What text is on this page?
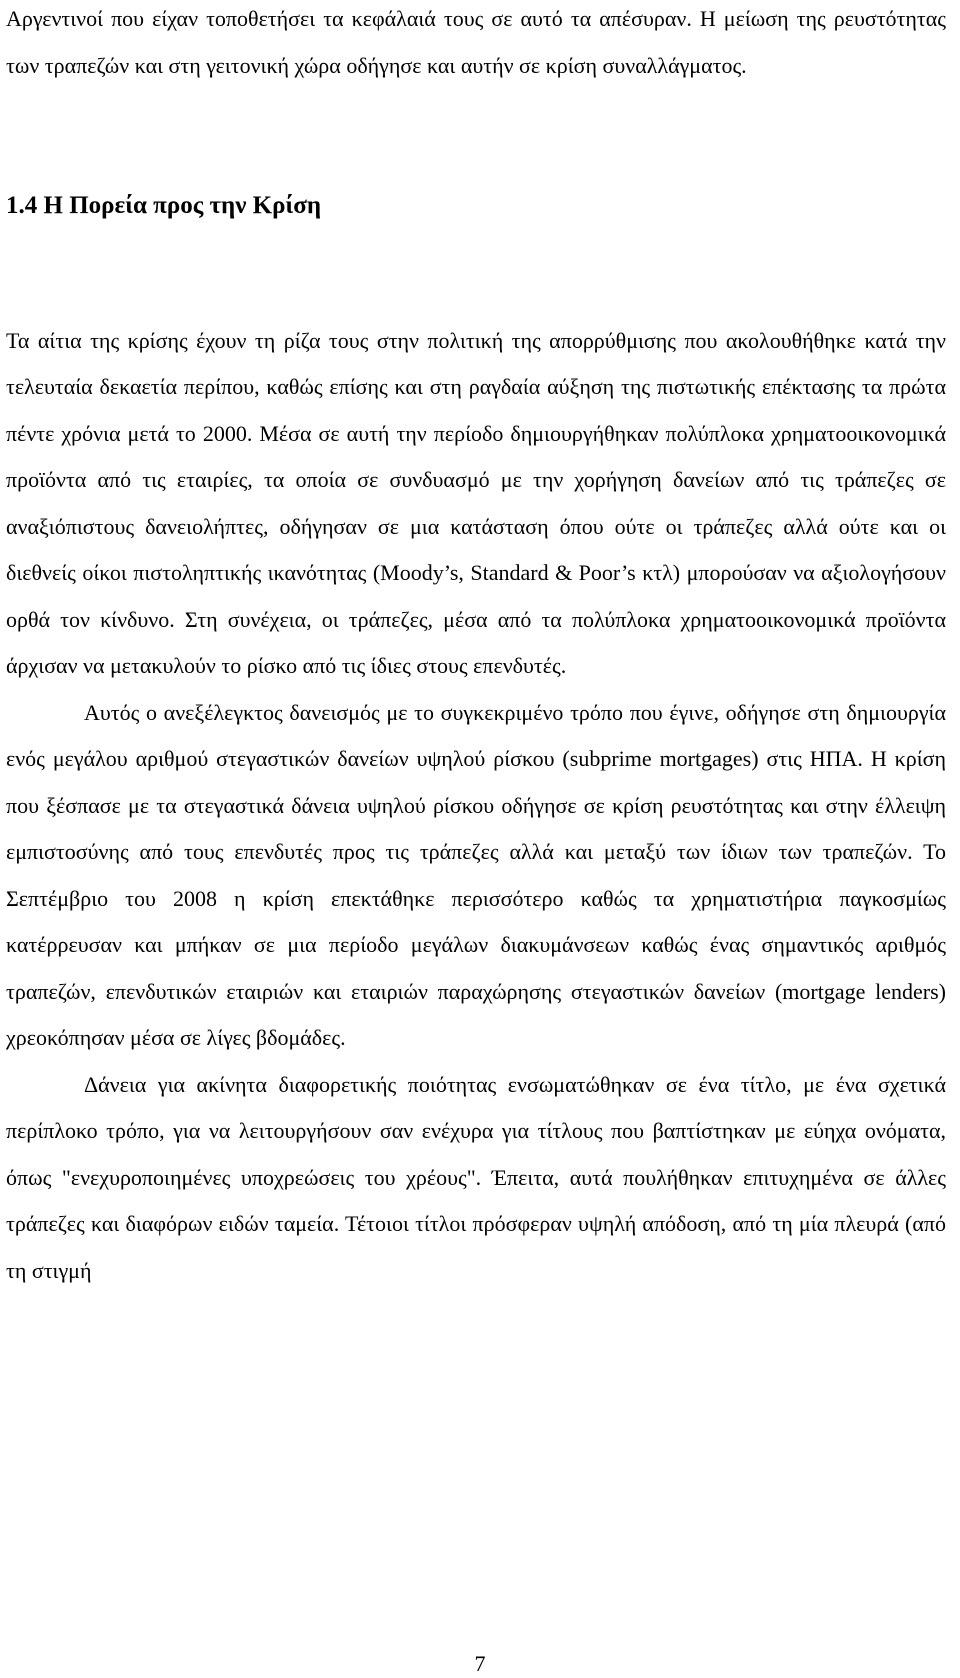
Αργεντινοί που είχαν τοποθετήσει τα κεφάλαιά τους σε αυτό τα απέσυραν. Η μείωση της ρευστότητας των τραπεζών και στη γειτονική χώρα οδήγησε και αυτήν σε κρίση συναλλάγματος.

1.4 Η Πορεία προς την Κρίση

Τα αίτια της κρίσης έχουν τη ρίζα τους στην πολιτική της απορρύθμισης που ακολουθήθηκε κατά την τελευταία δεκαετία περίπου, καθώς επίσης και στη ραγδαία αύξηση της πιστωτικής επέκτασης τα πρώτα πέντε χρόνια μετά το 2000. Μέσα σε αυτή την περίοδο δημιουργήθηκαν πολύπλοκα χρηματοοικονομικά προϊόντα από τις εταιρίες, τα οποία σε συνδυασμό με την χορήγηση δανείων από τις τράπεζες σε αναξιόπιστους δανειολήπτες, οδήγησαν σε μια κατάσταση όπου ούτε οι τράπεζες αλλά ούτε και οι διεθνείς οίκοι πιστοληπτικής ικανότητας (Moody’s, Standard & Poor’s κτλ) μπορούσαν να αξιολογήσουν ορθά τον κίνδυνο. Στη συνέχεια, οι τράπεζες, μέσα από τα πολύπλοκα χρηματοοικονομικά προϊόντα άρχισαν να μετακυλούν το ρίσκο από τις ίδιες στους επενδυτές.

Αυτός ο ανεξέλεγκτος δανεισμός με το συγκεκριμένο τρόπο που έγινε, οδήγησε στη δημιουργία ενός μεγάλου αριθμού στεγαστικών δανείων υψηλού ρίσκου (subprime mortgages) στις ΗΠΑ. Η κρίση που ξέσπασε με τα στεγαστικά δάνεια υψηλού ρίσκου οδήγησε σε κρίση ρευστότητας και στην έλλειψη εμπιστοσύνης από τους επενδυτές προς τις τράπεζες αλλά και μεταξύ των ίδιων των τραπεζών. Το Σεπτέμβριο του 2008 η κρίση επεκτάθηκε περισσότερο καθώς τα χρηματιστήρια παγκοσμίως κατέρρευσαν και μπήκαν σε μια περίοδο μεγάλων διακυμάνσεων καθώς ένας σημαντικός αριθμός τραπεζών, επενδυτικών εταιριών και εταιριών παραχώρησης στεγαστικών δανείων (mortgage lenders) χρεοκόπησαν μέσα σε λίγες βδομάδες.

Δάνεια για ακίνητα διαφορετικής ποιότητας ενσωματώθηκαν σε ένα τίτλο, με ένα σχετικά περίπλοκο τρόπο, για να λειτουργήσουν σαν ενέχυρα για τίτλους που βαπτίστηκαν με εύηχα ονόματα, όπως "ενεχυροποιημένες υποχρεώσεις του χρέους". Έπειτα, αυτά πουλήθηκαν επιτυχημένα σε άλλες τράπεζες και διαφόρων ειδών ταμεία. Τέτοιοι τίτλοι πρόσφεραν υψηλή απόδοση, από τη μία πλευρά (από τη στιγμή

7
